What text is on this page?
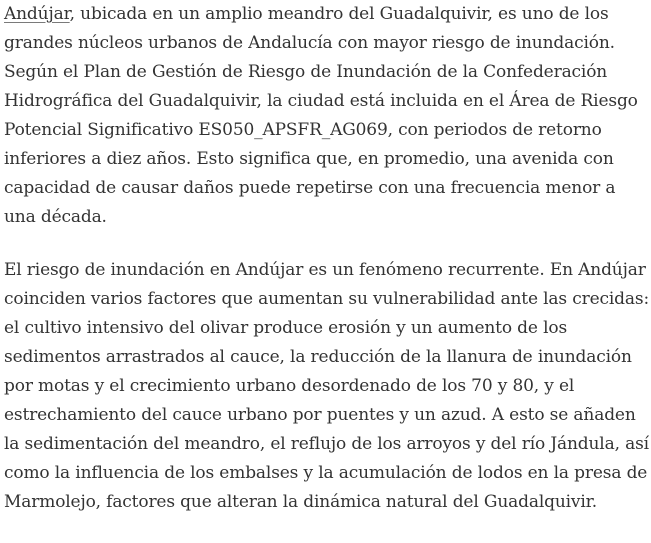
Andújar, ubicada en un amplio meandro del Guadalquivir, es uno de los grandes núcleos urbanos de Andalucía con mayor riesgo de inundación. Según el Plan de Gestión de Riesgo de Inundación de la Confederación Hidrográfica del Guadalquivir, la ciudad está incluida en el Área de Riesgo Potencial Significativo ES050_APSFR_AG069, con periodos de retorno inferiores a diez años. Esto significa que, en promedio, una avenida con capacidad de causar daños puede repetirse con una frecuencia menor a una década.

El riesgo de inundación en Andújar es un fenómeno recurrente. En Andújar coinciden varios factores que aumentan su vulnerabilidad ante las crecidas: el cultivo intensivo del olivar produce erosión y un aumento de los sedimentos arrastrados al cauce, la reducción de la llanura de inundación por motas y el crecimiento urbano desordenado de los 70 y 80, y el estrechamiento del cauce urbano por puentes y un azud. A esto se añaden la sedimentación del meandro, el reflujo de los arroyos y del río Jándula, así como la influencia de los embalses y la acumulación de lodos en la presa de Marmolejo, factores que alteran la dinámica natural del Guadalquivir.
